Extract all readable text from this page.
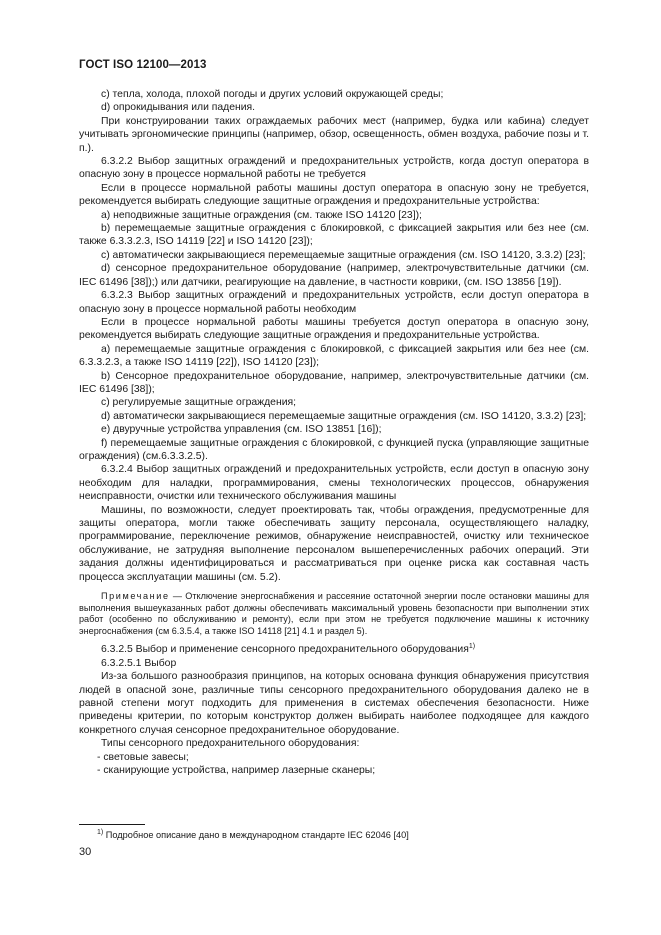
ГОСТ ISO 12100—2013

c) тепла, холода, плохой погоды и других условий окружающей среды;

d) опрокидывания или падения.

При конструировании таких ограждаемых рабочих мест (например, будка или кабина) следует учитывать эргономические принципы (например, обзор, освещенность, обмен воздуха, рабочие позы и т. п.).

6.3.2.2 Выбор защитных ограждений и предохранительных устройств, когда доступ оператора в опасную зону в процессе нормальной работы не требуется

Если в процессе нормальной работы машины доступ оператора в опасную зону не требуется, рекомендуется выбирать следующие защитные ограждения и предохранительные устройства:

a) неподвижные защитные ограждения (см. также ISO 14120 [23]);

b) перемещаемые защитные ограждения с блокировкой, с фиксацией закрытия или без нее (см. также 6.3.3.2.3, ISO 14119 [22] и ISO 14120 [23]);

c) автоматически закрывающиеся перемещаемые защитные ограждения (см. ISO 14120, 3.3.2) [23];

d) сенсорное предохранительное оборудование (например, электрочувствительные датчики (см. IEC 61496 [38]);) или датчики, реагирующие на давление, в частности коврики, (см. ISO 13856 [19]).

6.3.2.3 Выбор защитных ограждений и предохранительных устройств, если доступ оператора в опасную зону в процессе нормальной работы необходим

Если в процессе нормальной работы машины требуется доступ оператора в опасную зону, рекомендуется выбирать следующие защитные ограждения и предохранительные устройства.

a) перемещаемые защитные ограждения с блокировкой, с фиксацией закрытия или без нее (см. 6.3.3.2.3, а также ISO 14119 [22]), ISO 14120 [23]);

b) Сенсорное предохранительное оборудование, например, электрочувствительные датчики (см. IEC 61496 [38]);

c) регулируемые защитные ограждения;

d) автоматически закрывающиеся перемещаемые защитные ограждения (см. ISO 14120, 3.3.2) [23];

e) двуручные устройства управления (см. ISO 13851 [16]);

f) перемещаемые защитные ограждения с блокировкой, с функцией пуска (управляющие защитные ограждения) (см.6.3.3.2.5).

6.3.2.4 Выбор защитных ограждений и предохранительных устройств, если доступ в опасную зону необходим для наладки, программирования, смены технологических процессов, обнаружения неисправности, очистки или технического обслуживания машины

Машины, по возможности, следует проектировать так, чтобы ограждения, предусмотренные для защиты оператора, могли также обеспечивать защиту персонала, осуществляющего наладку, программирование, переключение режимов, обнаружение неисправностей, очистку или техническое обслуживание, не затрудняя выполнение персоналом вышеперечисленных рабочих операций. Эти задания должны идентифицироваться и рассматриваться при оценке риска как составная часть процесса эксплуатации машины (см. 5.2).

Примечание — Отключение энергоснабжения и рассеяние остаточной энергии после остановки машины для выполнения вышеуказанных работ должны обеспечивать максимальный уровень безопасности при выполнении этих работ (особенно по обслуживанию и ремонту), если при этом не требуется подключение машины к источнику энергоснабжения (см 6.3.5.4, а также ISO 14118 [21] 4.1 и раздел 5).

6.3.2.5 Выбор и применение сенсорного предохранительного оборудования$^{1)}$

6.3.2.5.1 Выбор

Из-за большого разнообразия принципов, на которых основана функция обнаружения присутствия людей в опасной зоне, различные типы сенсорного предохранительного оборудования далеко не в равной степени могут подходить для применения в системах обеспечения безопасности. Ниже приведены критерии, по которым конструктор должен выбирать наиболее подходящее для каждого конкретного случая сенсорное предохранительное оборудование.

Типы сенсорного предохранительного оборудования:

- световые завесы;

- сканирующие устройства, например лазерные сканеры;

$^{1)}$ Подробное описание дано в международном стандарте IEC 62046 [40]
30
